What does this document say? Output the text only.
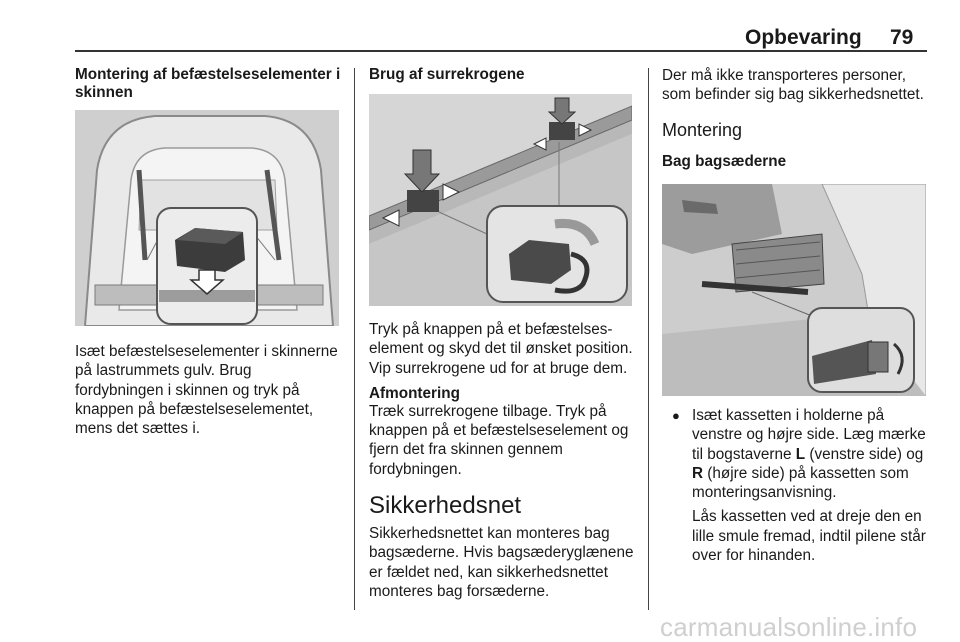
Opbevaring 79
Montering af befæstelseselementer i skinnen

Isæt befæstelseselementer i skinnerne på lastrummets gulv. Brug fordybningen i skinnen og tryk på knappen på befæstelseselementet, mens det sættes i.

Brug af surrekrogene

Tryk på knappen på et befæstelseselement og skyd det til ønsket position. Vip surrekrogene ud for at bruge dem.

Afmontering

Træk surrekrogene tilbage. Tryk på knappen på et befæstelseselement og fjern det fra skinnen gennem fordybningen.

Sikkerhedsnet

Sikkerhedsnettet kan monteres bag bagsæderne. Hvis bagsæderyglænene er fældet ned, kan sikkerhedsnettet monteres bag forsæderne.

Der må ikke transporteres personer, som befinder sig bag sikkerhedsnettet.

Montering
Bag bagsæderne
● Isæt kassetten i holderne på venstre og højre side. Læg mærke til bogstaverne L (venstre side) og R (højre side) på kassetten som monteringsanvisning.

Lås kassetten ved at dreje den en lille smule fremad, indtil pilene står over for hinanden.

carmanualsonline.info
